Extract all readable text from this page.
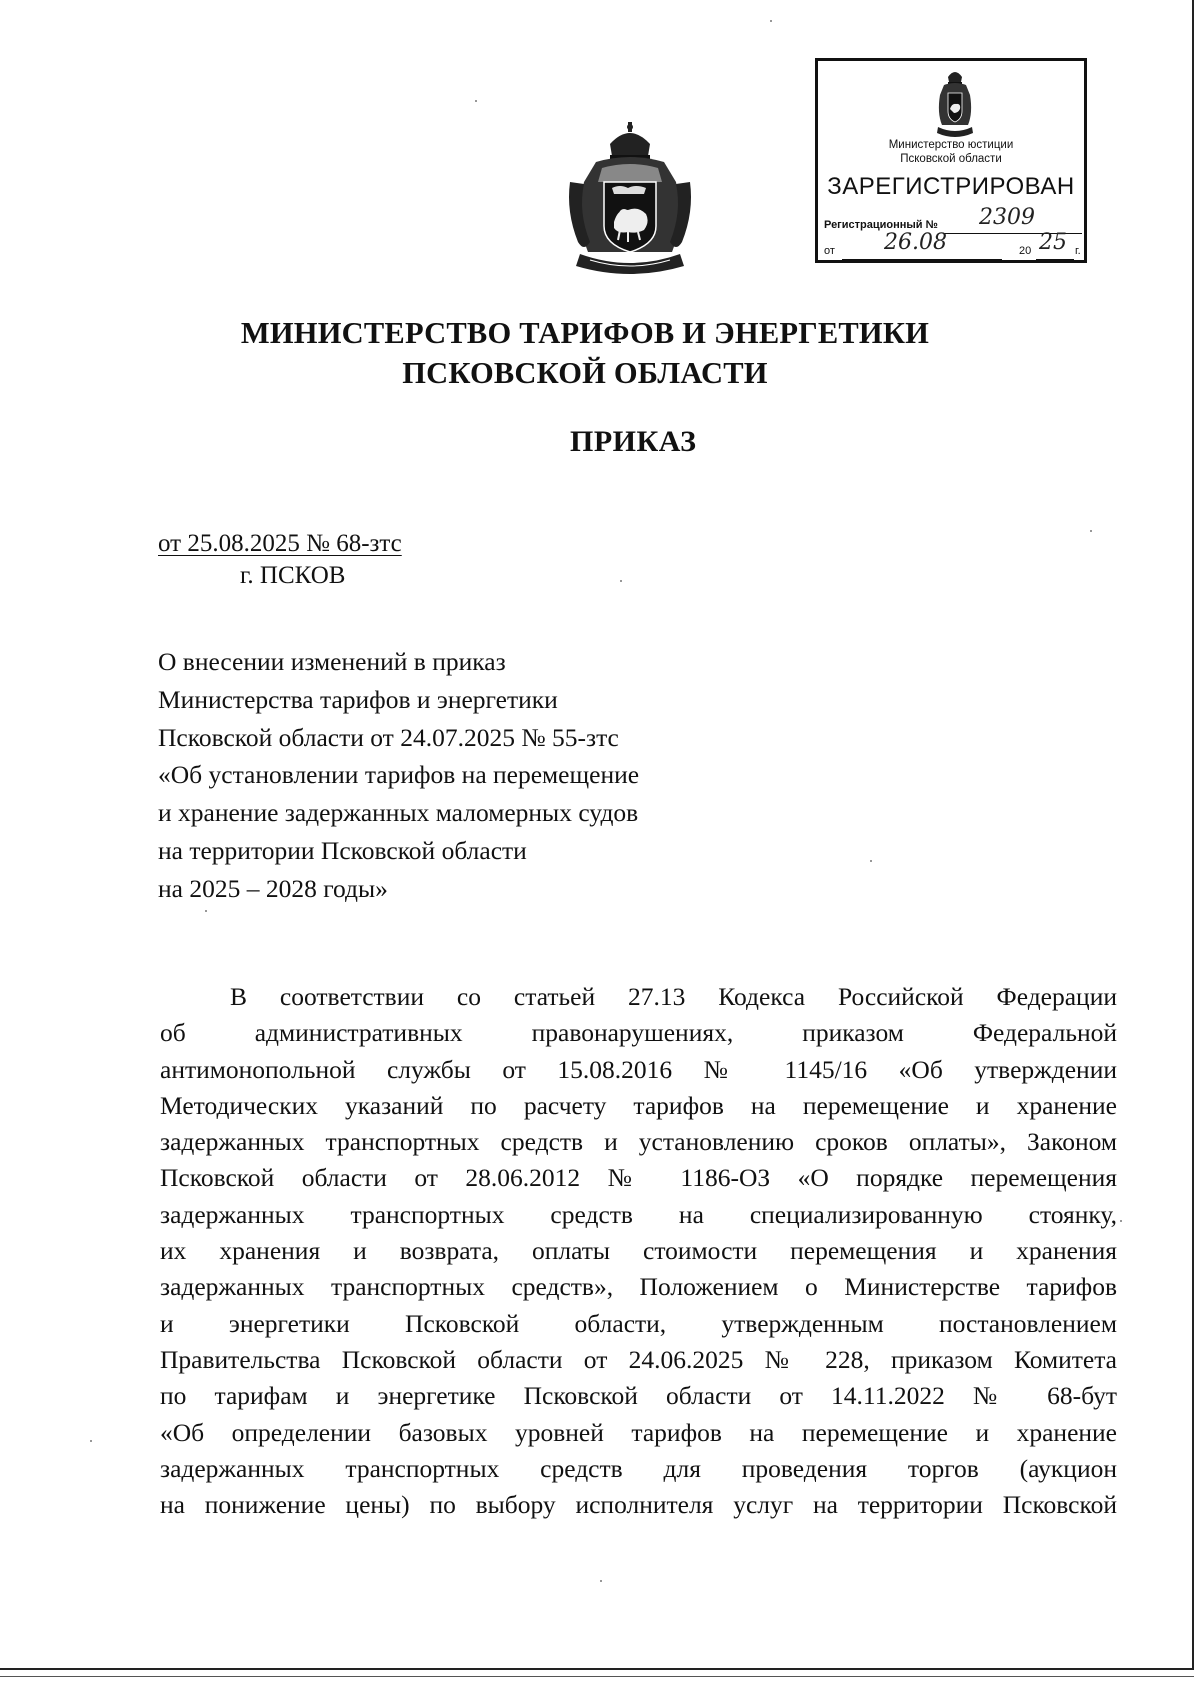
Министерство юстиции
Псковской области
ЗАРЕГИСТРИРОВАН
Регистрационный № 2309
от 26.08	20 25 г.
МИНИСТЕРСТВО ТАРИФОВ И ЭНЕРГЕТИКИ
ПСКОВСКОЙ ОБЛАСТИ
ПРИКАЗ
от 25.08.2025 № 68-зтс
г. ПСКОВ
О внесении изменений в приказ
Министерства тарифов и энергетики
Псковской области от 24.07.2025 № 55-зтс
«Об установлении тарифов на перемещение
и хранение задержанных маломерных судов
на территории Псковской области
на 2025 – 2028 годы»
В соответствии со статьей 27.13 Кодекса Российской Федерации
об административных правонарушениях, приказом Федеральной
антимонопольной службы от 15.08.2016 № 1145/16 «Об утверждении
Методических указаний по расчету тарифов на перемещение и хранение
задержанных транспортных средств и установлению сроков оплаты», Законом
Псковской области от 28.06.2012 № 1186-ОЗ «О порядке перемещения
задержанных транспортных средств на специализированную стоянку,
их хранения и возврата, оплаты стоимости перемещения и хранения
задержанных транспортных средств», Положением о Министерстве тарифов
и энергетики Псковской области, утвержденным постановлением
Правительства Псковской области от 24.06.2025 № 228, приказом Комитета
по тарифам и энергетике Псковской области от 14.11.2022 № 68-бут
«Об определении базовых уровней тарифов на перемещение и хранение
задержанных транспортных средств для проведения торгов (аукцион
на понижение цены) по выбору исполнителя услуг на территории Псковской
